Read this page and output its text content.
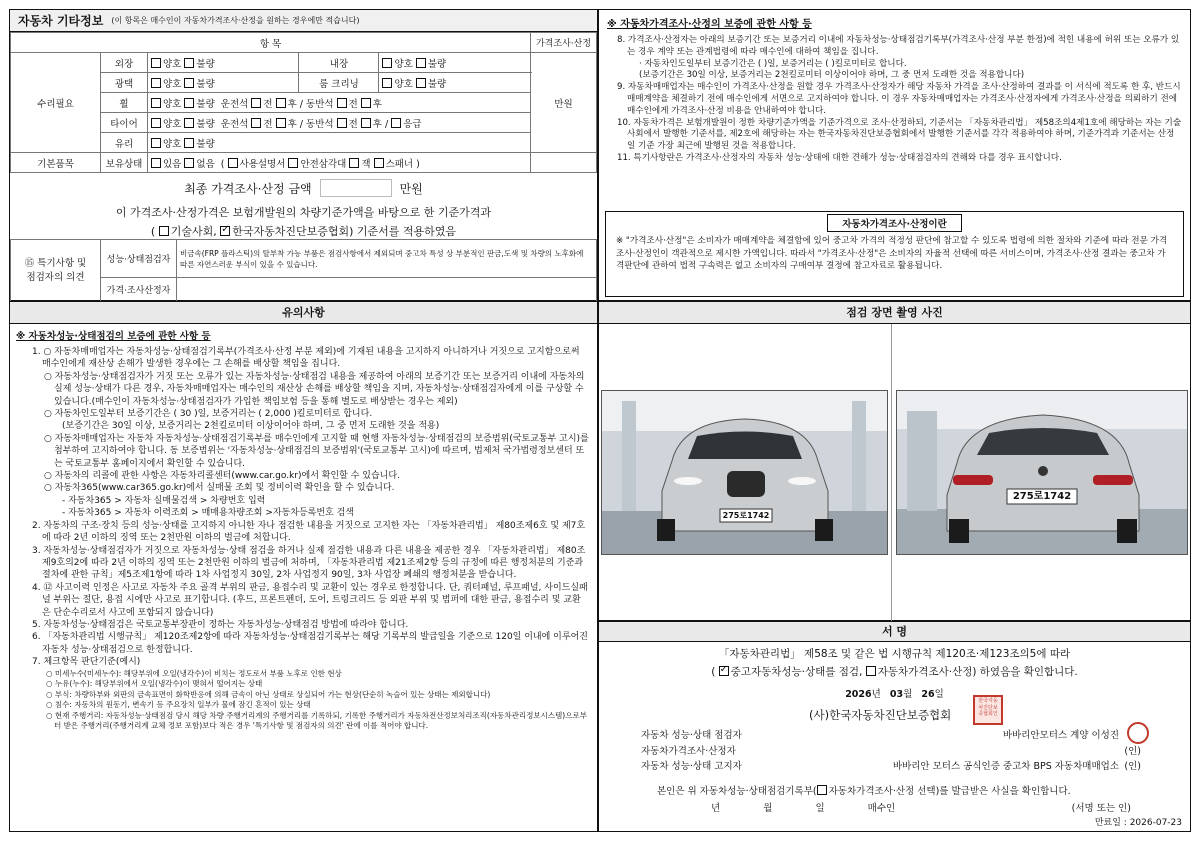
자동차 기타정보 (이 항목은 매수인이 자동차가격조사·산정을 원하는 경우에만 적습니다)
항 목					가격조사·산정
수리필요	외장	양호 불량	내장	양호 불량	만원
	광택	양호 불량	룸 크리닝	양호 불량	
	휠	양호 불량 운전석 전 후 / 동반석 전 후			
	타이어	양호 불량 운전석 전 후 / 동반석 전 후 / 응급			
	유리	양호 불량			
기본품목	보유상태	있음 없음  ( 사용설명서 안전삼각대 잭 스패너 )			
최종 가격조사·산정 금액	만원
이 가격조사·산정가격은 보험개발원의 차량기준가액을 바탕으로 한 기준가격과
( 기술사회, ✓ 한국자동차진단보증협회) 기준서를 적용하였음
⑮ 특기사항 및
점검자의 의견	성능·상태점검자	비금속(FRP 플라스틱)의 탈부착 가능 부품은 점검사항에서 제외되며 중고차 특성 상 부분적인 판금,도색 및 차량의 노후화에 따른 자연스러운 부식이 있을 수 있습니다.
	가격·조사산정자	
※ 자동차가격조사·산정의 보증에 관한 사항 등

8. 가격조사·산정자는 아래의 보증기간 또는 보증거리 이내에 자동차성능·상태점검기록부(가격조사·산정 부분 한정)에 적힌 내용에 허위 또는 오류가 있는 경우 계약 또는 관계법령에 따라 매수인에 대하여 책임을 집니다.

· 자동차인도일부터 보증기간은 ( )일, 보증거리는 ( )킬로미터로 합니다.

(보증기간은 30일 이상, 보증거리는 2천킬로미터 이상이어야 하며, 그 중 먼저 도래한 것을 적용합니다)

9. 자동차매매업자는 매수인이 가격조사·산정을 원할 경우 가격조사·산정자가 해당 자동차 가격을 조사·산정하여 결과를 이 서식에 적도록 한 후, 반드시 매매계약을 체결하기 전에 매수인에게 서면으로 고지하여야 합니다. 이 경우 자동차매매업자는 가격조사·산정자에게 가격조사·산정을 의뢰하기 전에 매수인에게 가격조사·산정 비용을 안내하여야 합니다.

10. 자동차가격은 보험개발원이 정한 차량기준가액을 기준가격으로 조사·산정하되, 기준서는 「자동차관리법」 제58조의4제1호에 해당하는 자는 기술사회에서 발행한 기준서를, 제2호에 해당하는 자는 한국자동차진단보증협회에서 발행한 기준서를 각각 적용하여야 하며, 기준가격과 기준서는 산정일 기준 가장 최근에 발행된 것을 적용합니다.

11. 특기사항란은 가격조사·산정자의 자동차 성능·상태에 대한 견해가 성능·상태점검자의 견해와 다를 경우 표시합니다.

자동차가격조사·산정이란
※ "가격조사·산정"은 소비자가 매매계약을 체결함에 있어 중고차 가격의 적정성 판단에 참고할 수 있도록 법령에 의한 절차와 기준에 따라 전문 가격조사·산정인이 객관적으로 제시한 가액입니다. 따라서 "가격조사·산정"은 소비자의 자율적 선택에 따른 서비스이며, 가격조사·산정 결과는 중고차 가격판단에 관하여 법적 구속력은 없고 소비자의 구매여부 결정에 참고자료로 활용됩니다.
유의사항
※ 자동차성능·상태점검의 보증에 관한 사항 등

1. ○ 자동차매매업자는 자동차성능·상태점검기록부(가격조사·산정 부분 제외)에 기재된 내용을 고지하지 아니하거나 거짓으로 고지함으로써 매수인에게 재산상 손해가 발생한 경우에는 그 손해를 배상할 책임을 집니다.

○ 자동차성능·상태점검자가 거짓 또는 오류가 있는 자동차성능·상태점검 내용을 제공하여 아래의 보증기간 또는 보증거리 이내에 자동차의 실제 성능·상태가 다른 경우, 자동차매매업자는 매수인의 재산상 손해를 배상할 책임을 지며, 자동차성능·상태점검자에게 이를 구상할 수 있습니다.(매수인이 자동차성능·상태점검자가 가입한 책임보험 등을 통해 별도로 배상받는 경우는 제외)

○ 자동차인도일부터 보증기간은 ( 30 )일, 보증거리는 ( 2,000 )킬로미터로 합니다.

(보증기간은 30일 이상, 보증거리는 2천킬로미터 이상이어야 하며, 그 중 먼저 도래한 것을 적용)

○ 자동차매매업자는 자동차 자동차성능·상태점검기록부를 매수인에게 고지할 때 현행 자동차성능·상태점검의 보증범위(국토교통부 고시)를 첨부하여 고지하여야 합니다. 동 보증범위는 '자동차성능·상태점검의 보증범위'(국토교통부 고시)에 따르며, 법제처 국가법령정보센터 또는 국토교통부 홈페이지에서 확인할 수 있습니다.

○ 자동차의 리콜에 관한 사항은 자동차리콜센터(www.car.go.kr)에서 확인할 수 있습니다.

○ 자동차365(www.car365.go.kr)에서 실매물 조회 및 정비이력 확인을 할 수 있습니다.

- 자동차365 > 자동차 실매물검색 > 차량번호 입력

- 자동차365 > 자동차 이력조회 > 매매용차량조회 >자동차등록번호 검색

2. 자동차의 구조·장치 등의 성능·상태를 고지하지 아니한 자나 점검한 내용을 거짓으로 고지한 자는 「자동차관리법」 제80조제6호 및 제7호에 따라 2년 이하의 징역 또는 2천만원 이하의 벌금에 처합니다.

3. 자동차성능·상태점검자가 거짓으로 자동차성능·상태 점검을 하거나 실제 점검한 내용과 다른 내용을 제공한 경우 「자동차관리법」 제80조제9호의2에 따라 2년 이하의 징역 또는 2천만원 이하의 벌금에 처하며, 「자동차관리법 제21조제2항 등의 규정에 따른 행정처분의 기준과 절차에 관한 규칙」제5조제1항에 따라 1차 사업정지 30일, 2차 사업정지 90일, 3차 사업장 폐쇄의 행정처분을 받습니다.

4. ⑫ 사고이력 인정은 사고로 자동차 주요 골격 부위의 판금, 용접수리 및 교환이 있는 경우로 한정합니다. 단, 쿼터패널, 루프패널, 사이드실패널 부위는 절단, 용접 시에만 사고로 표기합니다. (후드, 프론트펜더, 도어, 트렁크리드 등 외판 부위 및 범퍼에 대한 판금, 용접수리 및 교환은 단순수리로서 사고에 포함되지 않습니다)

5. 자동차성능·상태점검은 국토교통부장관이 정하는 자동차성능·상태점검 방법에 따라야 합니다.

6. 「자동차관리법 시행규칙」 제120조제2항에 따라 자동차성능·상태점검기록부는 해당 기록부의 발급일을 기준으로 120일 이내에 이루어진 자동차 성능·상태점검으로 한정합니다.

7. 체크항목 판단기준(예시)

○ 미세누수(미세누수): 해당부위에 오일(냉각수)이 비치는 정도로서 부품 노후로 인한 현상

○ 누유(누수): 해당부위에서 오일(냉각수)이 맺혀서 떨어지는 상태

○ 부식: 차량하부와 외판의 금속표면이 화학반응에 의해 금속이 아닌 상태로 상실되어 가는 현상(단순히 녹슬어 있는 상태는 제외합니다)

○ 침수: 자동차의 원동기, 변속기 등 주요장치 일부가 물에 잠긴 흔적이 있는 상태

○ 현재 주행거리: 자동차성능·상태점검 당시 해당 차량 주행거리계의 주행거리를 기록하되, 기록한 주행거리가 자동차전산정보처리조직(자동차관리정보시스템)으로부터 받은 주행거리(주행거리계 교체 정보 포함)보다 적은 경우 '특기사항 및 점검자의 의견' 란에 이를 적어야 합니다.

점검 장면 촬영 사진
275로1742
275로1742
서 명
「자동차관리법」 제58조 및 같은 법 시행규칙 제120조·제123조의5에 따라
( ✓중고자동차성능·상태를 점검, 자동차가격조사·산정) 하였음을 확인합니다.
2026년 03월 26일
(사)한국자동차진단보증협회
한국자동차진단보증협회인
자동차 성능·상태 점검자	바바리안모터스 계양 이성진
자동차가격조사·산정자	(인)
자동차 성능·상태 고지자	바바리안 모터스 공식인증 중고차 BPS 자동차매매업소 (인)
본인은 위 자동차성능·상태점검기록부( 자동차가격조사·산정 선택)를 발급받은 사실을 확인합니다.
년	월	일	매수인	(서명 또는 인)
만료일 : 2026-07-23
